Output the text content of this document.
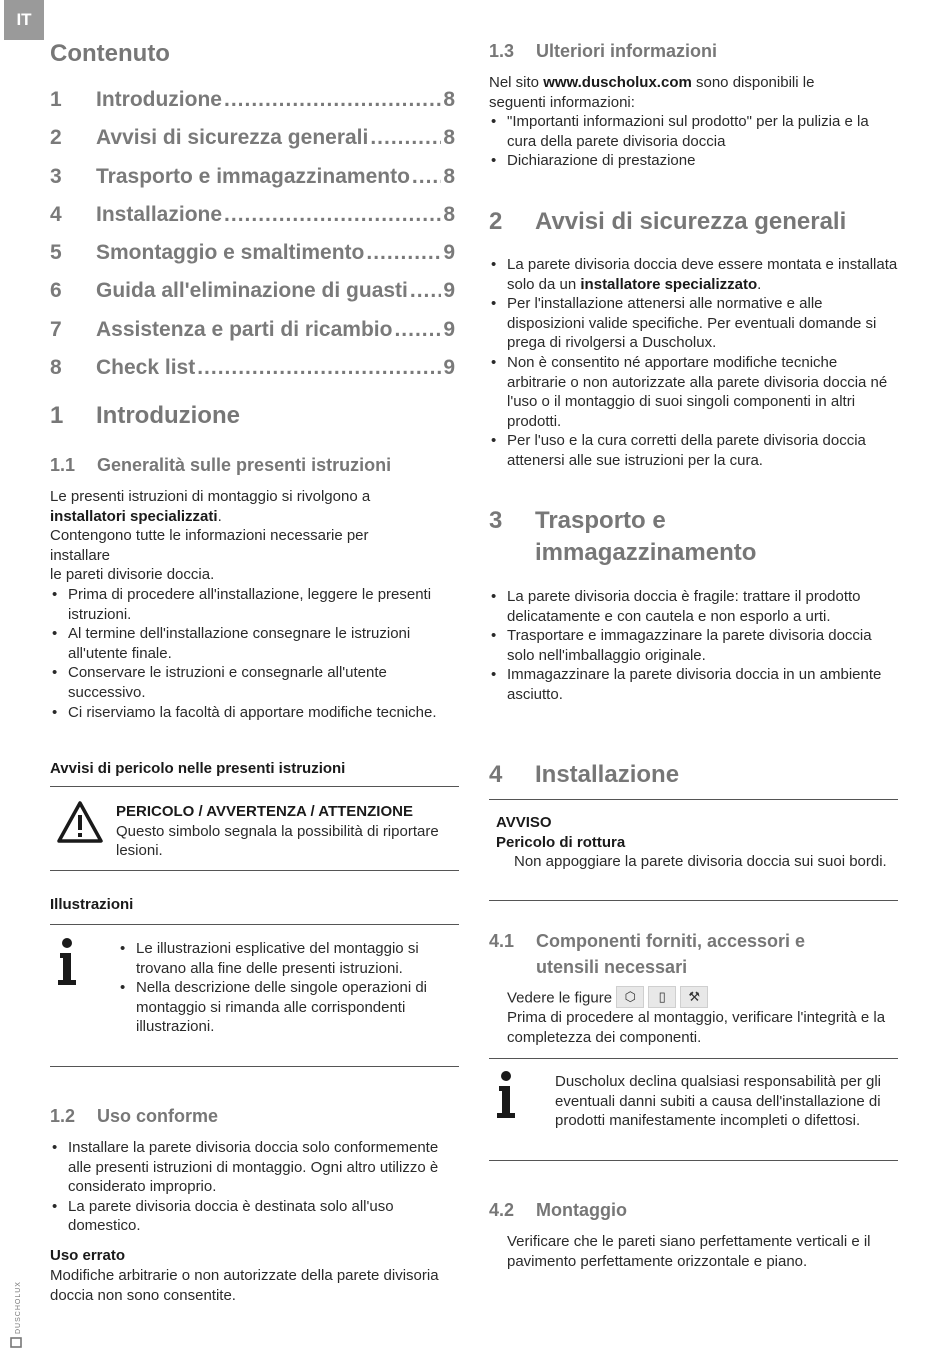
IT
DUSCHOLUX
Contenuto
1	Introduzione .....	8
2	Avvisi di sicurezza generali .....	8
3	Trasporto e immagazzinamento ..... 8
4	Installazione .....	8
5	Smontaggio e smaltimento .....	9
6	Guida all'eliminazione di guasti ..... 9
7	Assistenza e parti di ricambio ..... 9
8	Check list .....	9
1	Introduzione
1.1	Generalità sulle presenti istruzioni
Le presenti istruzioni di montaggio si rivolgono a
installatori specializzati.
Contengono tutte le informazioni necessarie per installare
le pareti divisorie doccia.
• Prima di procedere all'installazione, leggere le presenti istruzioni.
• Al termine dell'installazione consegnare le istruzioni all'utente finale.
• Conservare le istruzioni e consegnarle all'utente successivo.
• Ci riserviamo la facoltà di apportare modifiche tecniche.
Avvisi di pericolo nelle presenti istruzioni
PERICOLO / AVVERTENZA / ATTENZIONE
Questo simbolo segnala la possibilità di riportare lesioni.
Illustrazioni
• Le illustrazioni esplicative del montaggio si trovano alla fine delle presenti istruzioni.
• Nella descrizione delle singole operazioni di montaggio si rimanda alle corrispondenti illustrazioni.
1.2	Uso conforme
• Installare la parete divisoria doccia solo conformemente alle presenti istruzioni di montaggio. Ogni altro utilizzo è considerato improprio.
• La parete divisoria doccia è destinata solo all'uso domestico.
Uso errato
Modifiche arbitrarie o non autorizzate della parete divisoria doccia non sono consentite.
1.3	Ulteriori informazioni
Nel sito www.duscholux.com sono disponibili le seguenti informazioni:
• "Importanti informazioni sul prodotto" per la pulizia e la cura della parete divisoria doccia
• Dichiarazione di prestazione
2	Avvisi di sicurezza generali
• La parete divisoria doccia deve essere montata e installata solo da un installatore specializzato.
• Per l'installazione attenersi alle normative e alle disposizioni valide specifiche. Per eventuali domande si prega di rivolgersi a Duscholux.
• Non è consentito né apportare modifiche tecniche arbitrarie o non autorizzate alla parete divisoria doccia né l'uso o il montaggio di suoi singoli componenti in altri prodotti.
• Per l'uso e la cura corretti della parete divisoria doccia attenersi alle sue istruzioni per la cura.
3	Trasporto e
immagazzinamento
• La parete divisoria doccia è fragile: trattare il prodotto delicatamente e con cautela e non esporlo a urti.
• Trasportare e immagazzinare la parete divisoria doccia solo nell'imballaggio originale.
• Immagazzinare la parete divisoria doccia in un ambiente asciutto.
4	Installazione
AVVISO
Pericolo di rottura
Non appoggiare la parete divisoria doccia sui suoi bordi.
4.1	Componenti forniti, accessori e utensili necessari
Vedere le figure ⬡	▯	⚒
Prima di procedere al montaggio, verificare l'integrità e la completezza dei componenti.
Duscholux declina qualsiasi responsabilità per gli eventuali danni subiti a causa dell'installazione di prodotti manifestamente incompleti o difettosi.
4.2	Montaggio
Verificare che le pareti siano perfettamente verticali e il pavimento perfettamente orizzontale e piano.
